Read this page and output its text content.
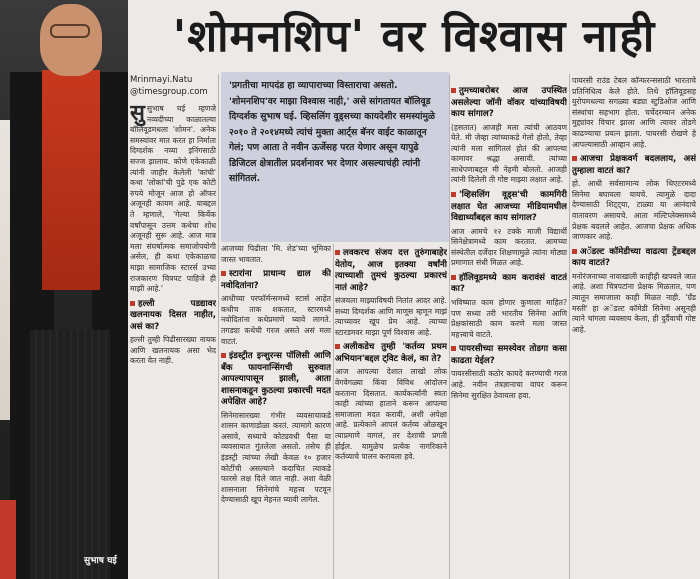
सुभाष घई
'शोमनशिप' वर विश्वास नाही
Mrinmayi.Natu
@timesgroup.com
'प्रगतीचा मापदंड हा व्यापाराच्या विस्ताराचा असतो. 'शोमनशिप'वर माझा विश्वास नाही,' असे सांगतायत बॉलिवूड दिग्दर्शक सुभाष घई. व्हिसलिंग वूड्सच्या कायदेशीर समस्यांमुळे २०१० ते २०१४मध्ये त्यांचं मुक्ता आर्ट्स बॅनर वाईट काळातून गेलं; पण आता ते नवीन ऊर्जेसह परत येणार असून यापुढे डिजिटल क्षेत्रातील प्रदर्शनावर भर देणार असल्याचंही त्यांनी सांगितलं.

सुसुभाष घई म्हणजे नव्वदीच्या काळातल्या बॉलिवूडमधला 'शोमन'. अनेक समस्यांवर मात करत हा निर्माता दिग्दर्शक नव्या इनिंगसाठी सज्ज झालाय. कोणे एकेकाळी त्यांनी जाहीर केलेली 'कांची' कथा 'लोकां'ची पुढे एक कोटी रुपये मोजून आज हो ऑफर अजूनही कायम आहे. याबद्दल ते म्हणाले, 'गेल्या किर्येक वर्षांपासून उत्तम कथेचा शोध अजूनही सुरू आहे. आज मात्र मला संघर्षात्मक समाजोपयोगी असेल, ही कथा एकेकाळचा माझा सामाजिक स्टारर्स उभ्या राजकारण चित्रपट पाहिजे ही माझी आहे.'

हल्ली पडद्यावर खलनायक दिसत नाहीत, असं का?

हल्ली तुम्ही पिढीसारख्या नायक आणि खलनायक असा भेद करता येत नाही.

आजच्या पिढीला 'मि. शेड'च्या भूमिका जास्त भावतात.

स्टारांना प्राधान्य द्याल की नवोदितांना?

आधीच्या परफॉर्मन्समध्ये स्टार्स आहेत कधीच ताक शकतात, स्टारमध्ये नवोदितांना कथेप्रमाणे घ्यावे लागते. तगड्या कथेची गरज असते असं मला वाटतं.

इंडस्ट्रीत इन्शुरन्स पॉलिसी आणि बँक फायनान्सिंगची सुरुवात आपल्यापासून झाली, आता शासनाकडून कुठल्या प्रकारची मदत अपेक्षित आहे?

सिनेमासारख्या गंभीर व्यवसायाकडे शासन काणाडोळा करतं. त्यामागे कारण असावे, सध्याचे कोट्यवधी पैसा या व्यवसायात गुंतलेला असतो. तसेच ही इंडस्ट्री त्यांच्या लेखी केवळ १० हजार कोटींची असल्याने कदाचित त्याकडे फारसे लक्ष दिले जात नाही. अशा वेळी शासनाला सिनेमांचे महत्त्व पटवून देण्यासाठी खूप मेहनत घ्यावी लागेल.

लवकरच संजय दत्त तुरुंगाबाहेर येतोय, आज इतक्या वर्षांनी त्याच्याशी तुमचं कुठल्या प्रकारचं नातं आहे?

संजयला माझ्याविषयी नितांत आदर आहे. सध्या दिग्दर्शक आणि माणूस म्हणून माझं त्याच्यावर खूप प्रेम आहे. त्याच्या स्टारडमवर माझा पूर्ण विश्वास आहे.

अलीकडेच तुम्ही 'कर्तव्य प्रथम अभियान'बद्दल ट्विट केलं, का ते?

आज आपल्या देशात लाखो लोक वेगवेगळ्या किंवा विविध आंदोलन करताना दिसतात. कार्यकर्त्यांनी स्वतः काही त्यांच्या हाताने करून आपल्या समाजाला मदत करावी, अशी अपेक्षा आहे. प्रत्येकाने आपलं कर्तव्य ओळखून त्याप्रमाणे वागलं, तर देशाची प्रगती होईल. यामुळेच प्रत्येक नागरिकाने कर्तव्याचे पालन करायला हवे.

तुमच्याबरोबर आज उपस्थित असलेल्या जॉनी वॉकर यांच्याविषयी काय सांगाल?

(हसतात) आजही मला त्यांची आठवण येते. मी जेव्हा त्यांच्याकडे गेलो होतो, तेव्हा त्यांनी मला सांगितलं होतं की आपल्या कामावर श्रद्धा असावी. त्यांच्या साधेपणाबद्दल मी नेहमी बोलतो. आजही त्यांनी दिलेली ती गोष्ट माझ्या लक्षात आहे.

'व्हिसलिंग वूड्स'ची कामगिरी लक्षात घेत आजच्या मीडियामधील विद्यार्थ्यांबद्दल काय सांगाल?

आज आमचे १२ टक्के माजी विद्यार्थी सिनेक्षेत्रामध्ये काम करतात. आमच्या संस्थेतील दर्जेदार शिक्षणामुळे त्यांना मोठ्या प्रमाणात संधी मिळत आहे.

हॉलिवूडमध्ये काम करावंसं वाटतं का?

भविष्यात काम होणार कुणाला माहित? पण सध्या तरी भारतीय सिनेमा आणि प्रेक्षकांसाठी काम करणे मला जास्त महत्त्वाचे वाटते.

पायरसीच्या समस्येवर तोडगा कसा काढता येईल?

पायरसीसाठी कठोर कायदे करण्याची गरज आहे. नवीन तंत्रज्ञानाचा वापर करून सिनेमा सुरक्षित ठेवायला हवा.

पायरसी राउंड टेबल कॉन्फरन्ससाठी भारताचे प्रतिनिधित्व केले होते. तिथे हॉलिवूडसह युरोपमधल्या सगळ्या बड्या स्टुडिओज आणि संस्थांचा सहभाग होता. चर्चेदरम्यान अनेक मुद्द्यांवर विचार झाला आणि त्यावर तोडगे काढण्याचा प्रयत्न झाला. पायरसी रोखणे हे आपल्यासाठी आव्हान आहे.

आजचा प्रेक्षकवर्ग बदललाय, असं तुम्हाला वाटतं का?

हो. आधी सर्वसामान्य लोक थिएटरमध्ये सिनेमा बघायला यायचे. त्यामुळे दादा देण्यासाठी शिट्ट्या, टाळ्या या आनंदाचे वातावरण असायचे. आता मल्टिप्लेक्समध्ये प्रेक्षक बदलले आहेत. आजचा प्रेक्षक अधिक जाणकार आहे.

अॅडल्ट कॉमेडीच्या वाढत्या ट्रेंडबद्दल काय वाटतं?

मनोरंजनाच्या नावाखाली काहीही खपवले जात आहे. अशा चित्रपटांना प्रेक्षक मिळतात, पण त्यातून समाजाला काही मिळत नाही. 'ग्रँड मस्ती' हा अॅडल्ट कॉमेडी सिनेमा असूनही त्याने चांगला व्यवसाय केला, ही दुर्दैवाची गोष्ट आहे.
